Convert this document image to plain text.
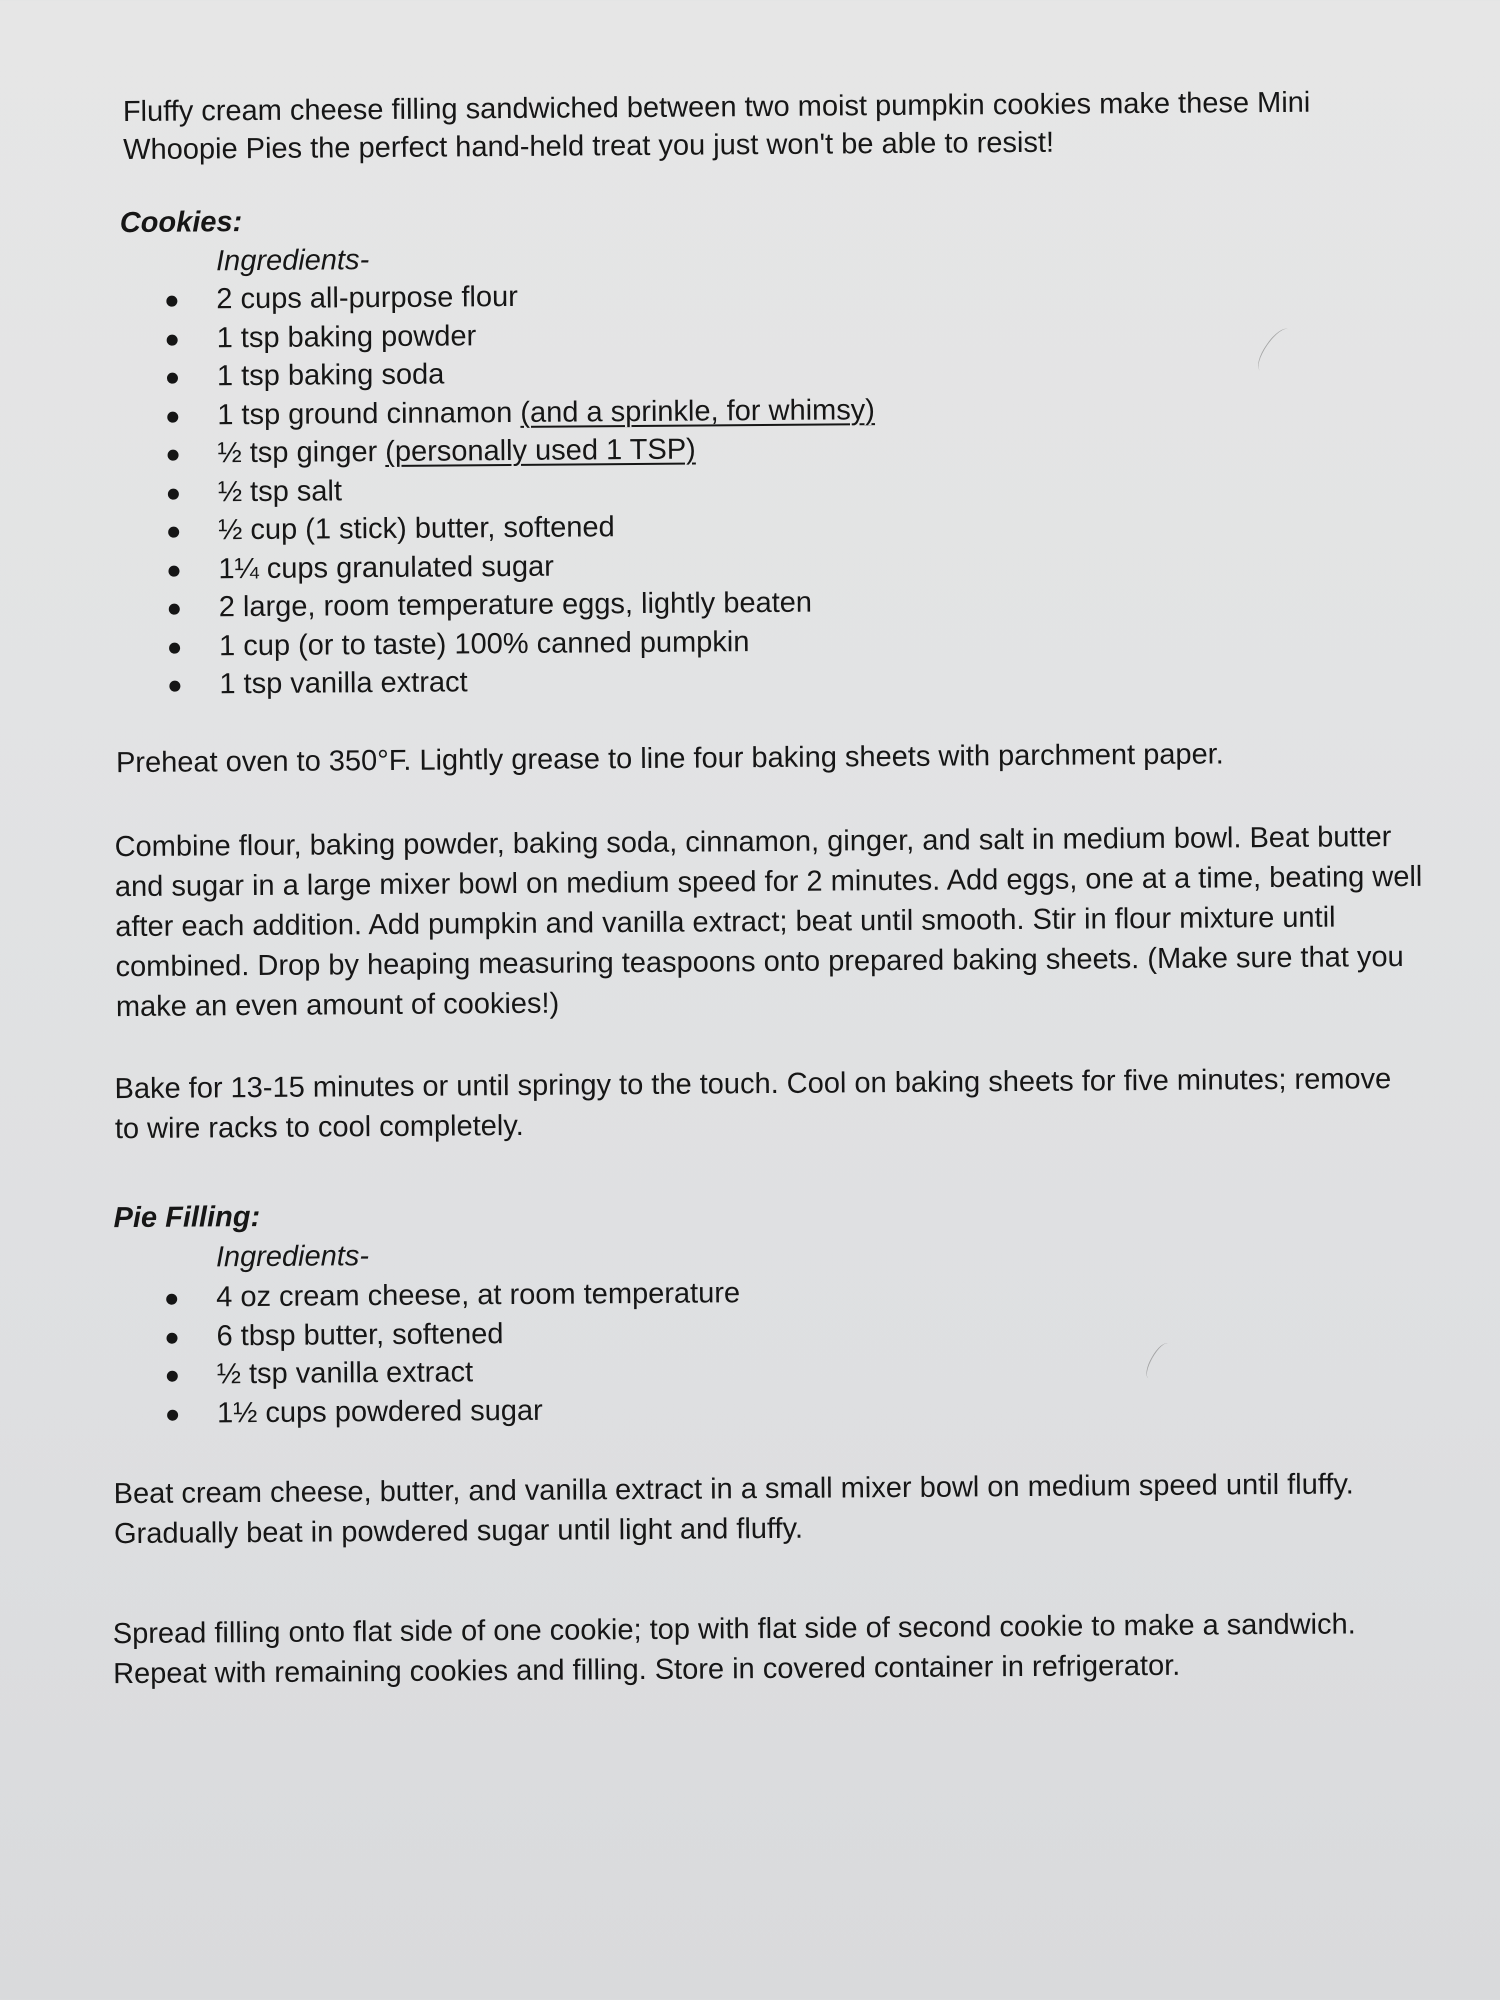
Fluffy cream cheese filling sandwiched between two moist pumpkin cookies make these Mini Whoopie Pies the perfect hand-held treat you just won't be able to resist!

Cookies:
Ingredients-
2 cups all-purpose flour
1 tsp baking powder
1 tsp baking soda
1 tsp ground cinnamon (and a sprinkle, for whimsy)
½ tsp ginger (personally used 1 TSP)
½ tsp salt
½ cup (1 stick) butter, softened
1¼ cups granulated sugar
2 large, room temperature eggs, lightly beaten
1 cup (or to taste) 100% canned pumpkin
1 tsp vanilla extract

Preheat oven to 350°F. Lightly grease to line four baking sheets with parchment paper.

Combine flour, baking powder, baking soda, cinnamon, ginger, and salt in medium bowl. Beat butter and sugar in a large mixer bowl on medium speed for 2 minutes. Add eggs, one at a time, beating well after each addition. Add pumpkin and vanilla extract; beat until smooth. Stir in flour mixture until combined. Drop by heaping measuring teaspoons onto prepared baking sheets. (Make sure that you make an even amount of cookies!)

Bake for 13-15 minutes or until springy to the touch. Cool on baking sheets for five minutes; remove to wire racks to cool completely.

Pie Filling:
Ingredients-
4 oz cream cheese, at room temperature
6 tbsp butter, softened
½ tsp vanilla extract
1½ cups powdered sugar

Beat cream cheese, butter, and vanilla extract in a small mixer bowl on medium speed until fluffy. Gradually beat in powdered sugar until light and fluffy.

Spread filling onto flat side of one cookie; top with flat side of second cookie to make a sandwich. Repeat with remaining cookies and filling. Store in covered container in refrigerator.
